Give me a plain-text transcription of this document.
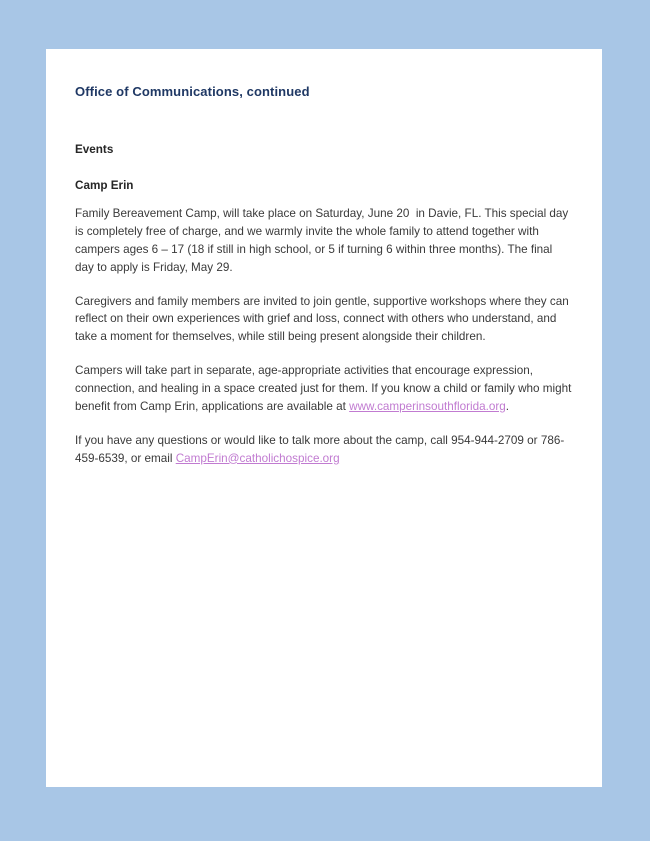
Office of Communications, continued
Events
Camp Erin

Family Bereavement Camp, will take place on Saturday, June 20  in Davie, FL. This special day is completely free of charge, and we warmly invite the whole family to attend together with campers ages 6 – 17 (18 if still in high school, or 5 if turning 6 within three months). The final day to apply is Friday, May 29.

Caregivers and family members are invited to join gentle, supportive workshops where they can reflect on their own experiences with grief and loss, connect with others who understand, and take a moment for themselves, while still being present alongside their children.

Campers will take part in separate, age-appropriate activities that encourage expression, connection, and healing in a space created just for them. If you know a child or family who might benefit from Camp Erin, applications are available at www.camperinsouthflorida.org.

If you have any questions or would like to talk more about the camp, call 954-944-2709 or 786-459-6539, or email CampErin@catholichospice.org
